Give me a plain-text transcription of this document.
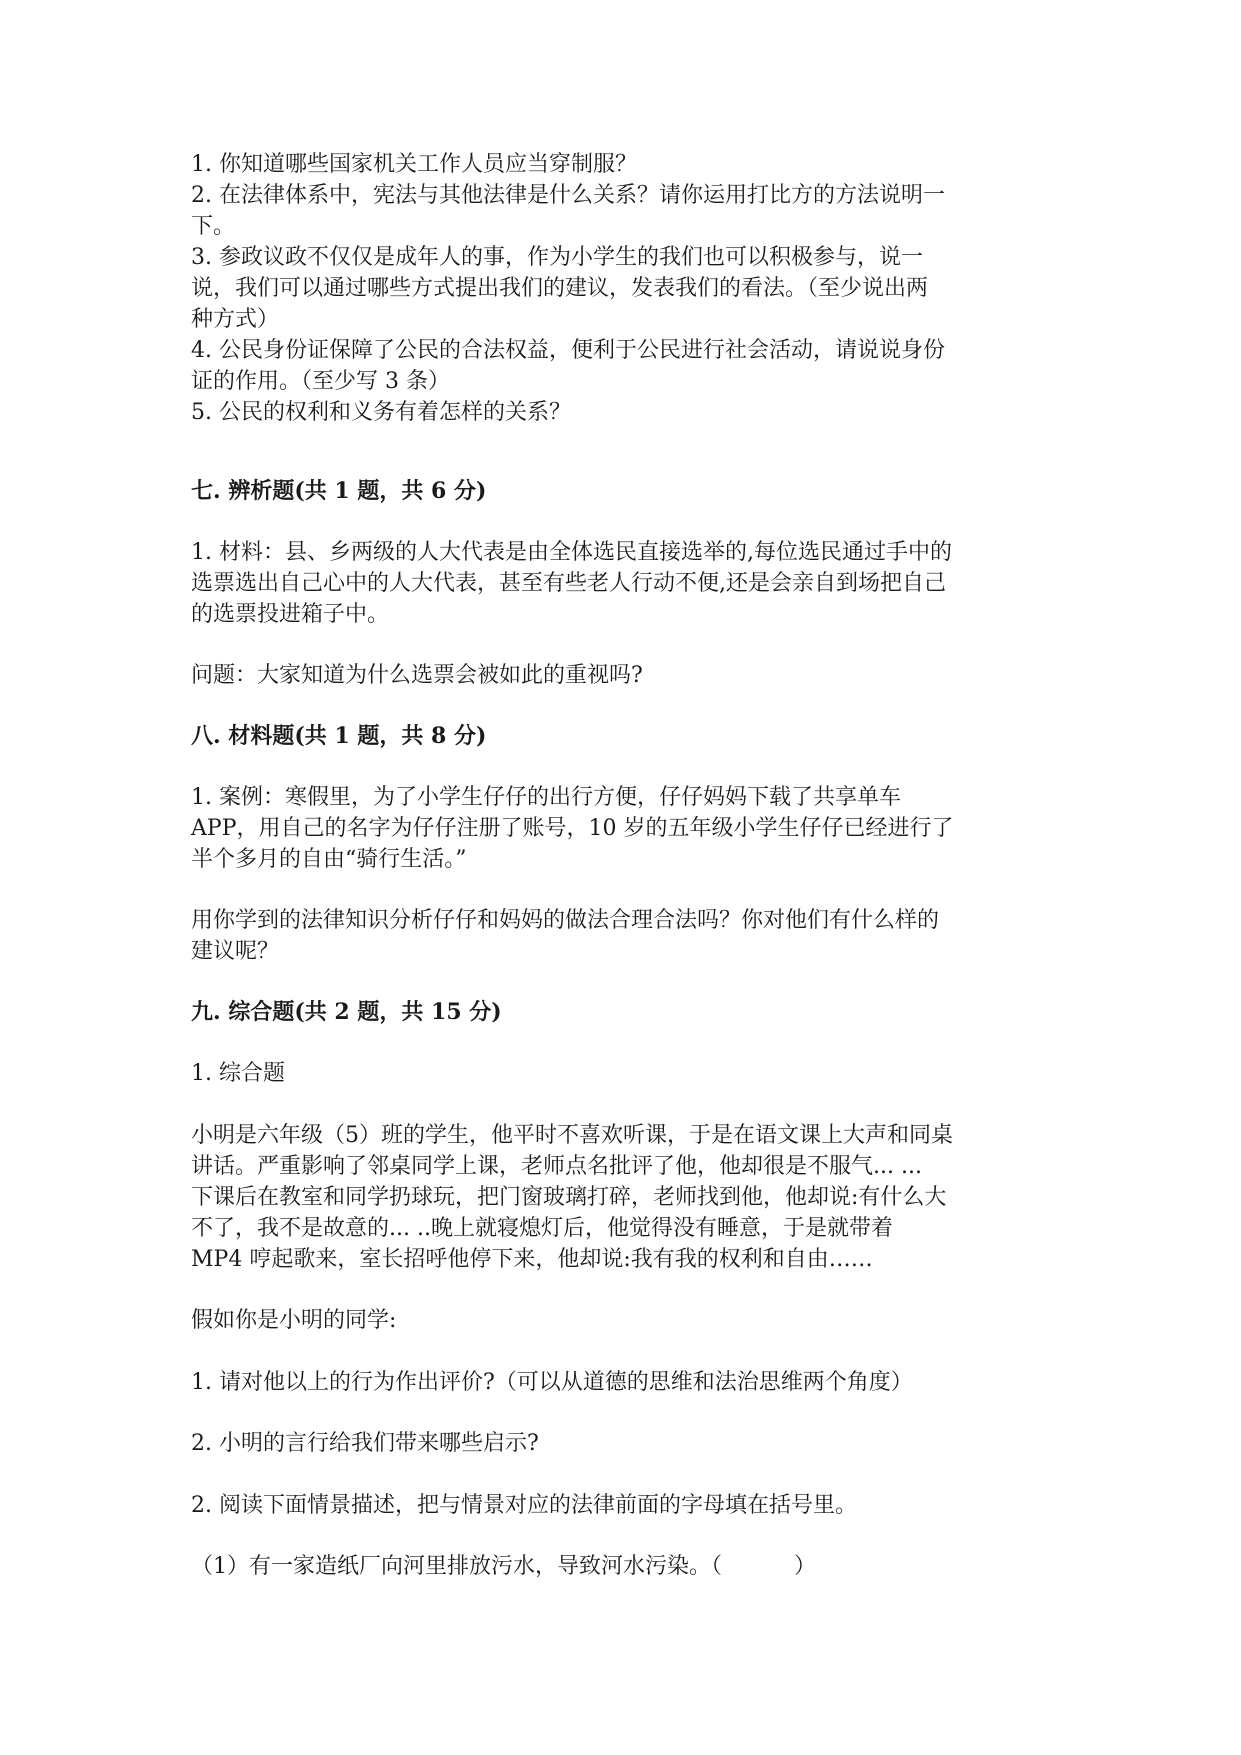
1. 你知道哪些国家机关工作人员应当穿制服？
2. 在法律体系中，宪法与其他法律是什么关系？请你运用打比方的方法说明一
下。
3. 参政议政不仅仅是成年人的事，作为小学生的我们也可以积极参与，说一
说，我们可以通过哪些方式提出我们的建议，发表我们的看法。（至少说出两
种方式）
4. 公民身份证保障了公民的合法权益，便利于公民进行社会活动，请说说身份
证的作用。（至少写 3 条）
5. 公民的权利和义务有着怎样的关系？
七. 辨析题(共 1 题，共 6 分)
1. 材料：县、乡两级的人大代表是由全体选民直接选举的,每位选民通过手中的
选票选出自己心中的人大代表，甚至有些老人行动不便,还是会亲自到场把自己
的选票投进箱子中。
问题：大家知道为什么选票会被如此的重视吗?
八. 材料题(共 1 题，共 8 分)
1. 案例：寒假里，为了小学生仔仔的出行方便，仔仔妈妈下载了共享单车
APP，用自己的名字为仔仔注册了账号，10 岁的五年级小学生仔仔已经进行了
半个多月的自由“骑行生活。”
用你学到的法律知识分析仔仔和妈妈的做法合理合法吗？你对他们有什么样的
建议呢？
九. 综合题(共 2 题，共 15 分)
1. 综合题
小明是六年级（5）班的学生，他平时不喜欢听课，于是在语文课上大声和同桌
讲话。严重影响了邻桌同学上课，老师点名批评了他，他却很是不服气... ...
下课后在教室和同学扔球玩，把门窗玻璃打碎，老师找到他，他却说:有什么大
不了，我不是故意的... ..晚上就寝熄灯后，他觉得没有睡意，于是就带着
MP4 哼起歌来，室长招呼他停下来，他却说:我有我的权利和自由……
假如你是小明的同学:
1. 请对他以上的行为作出评价?（可以从道德的思维和法治思维两个角度）
2. 小明的言行给我们带来哪些启示?
2. 阅读下面情景描述，把与情景对应的法律前面的字母填在括号里。
（1）有一家造纸厂向河里排放污水，导致河水污染。（	）
